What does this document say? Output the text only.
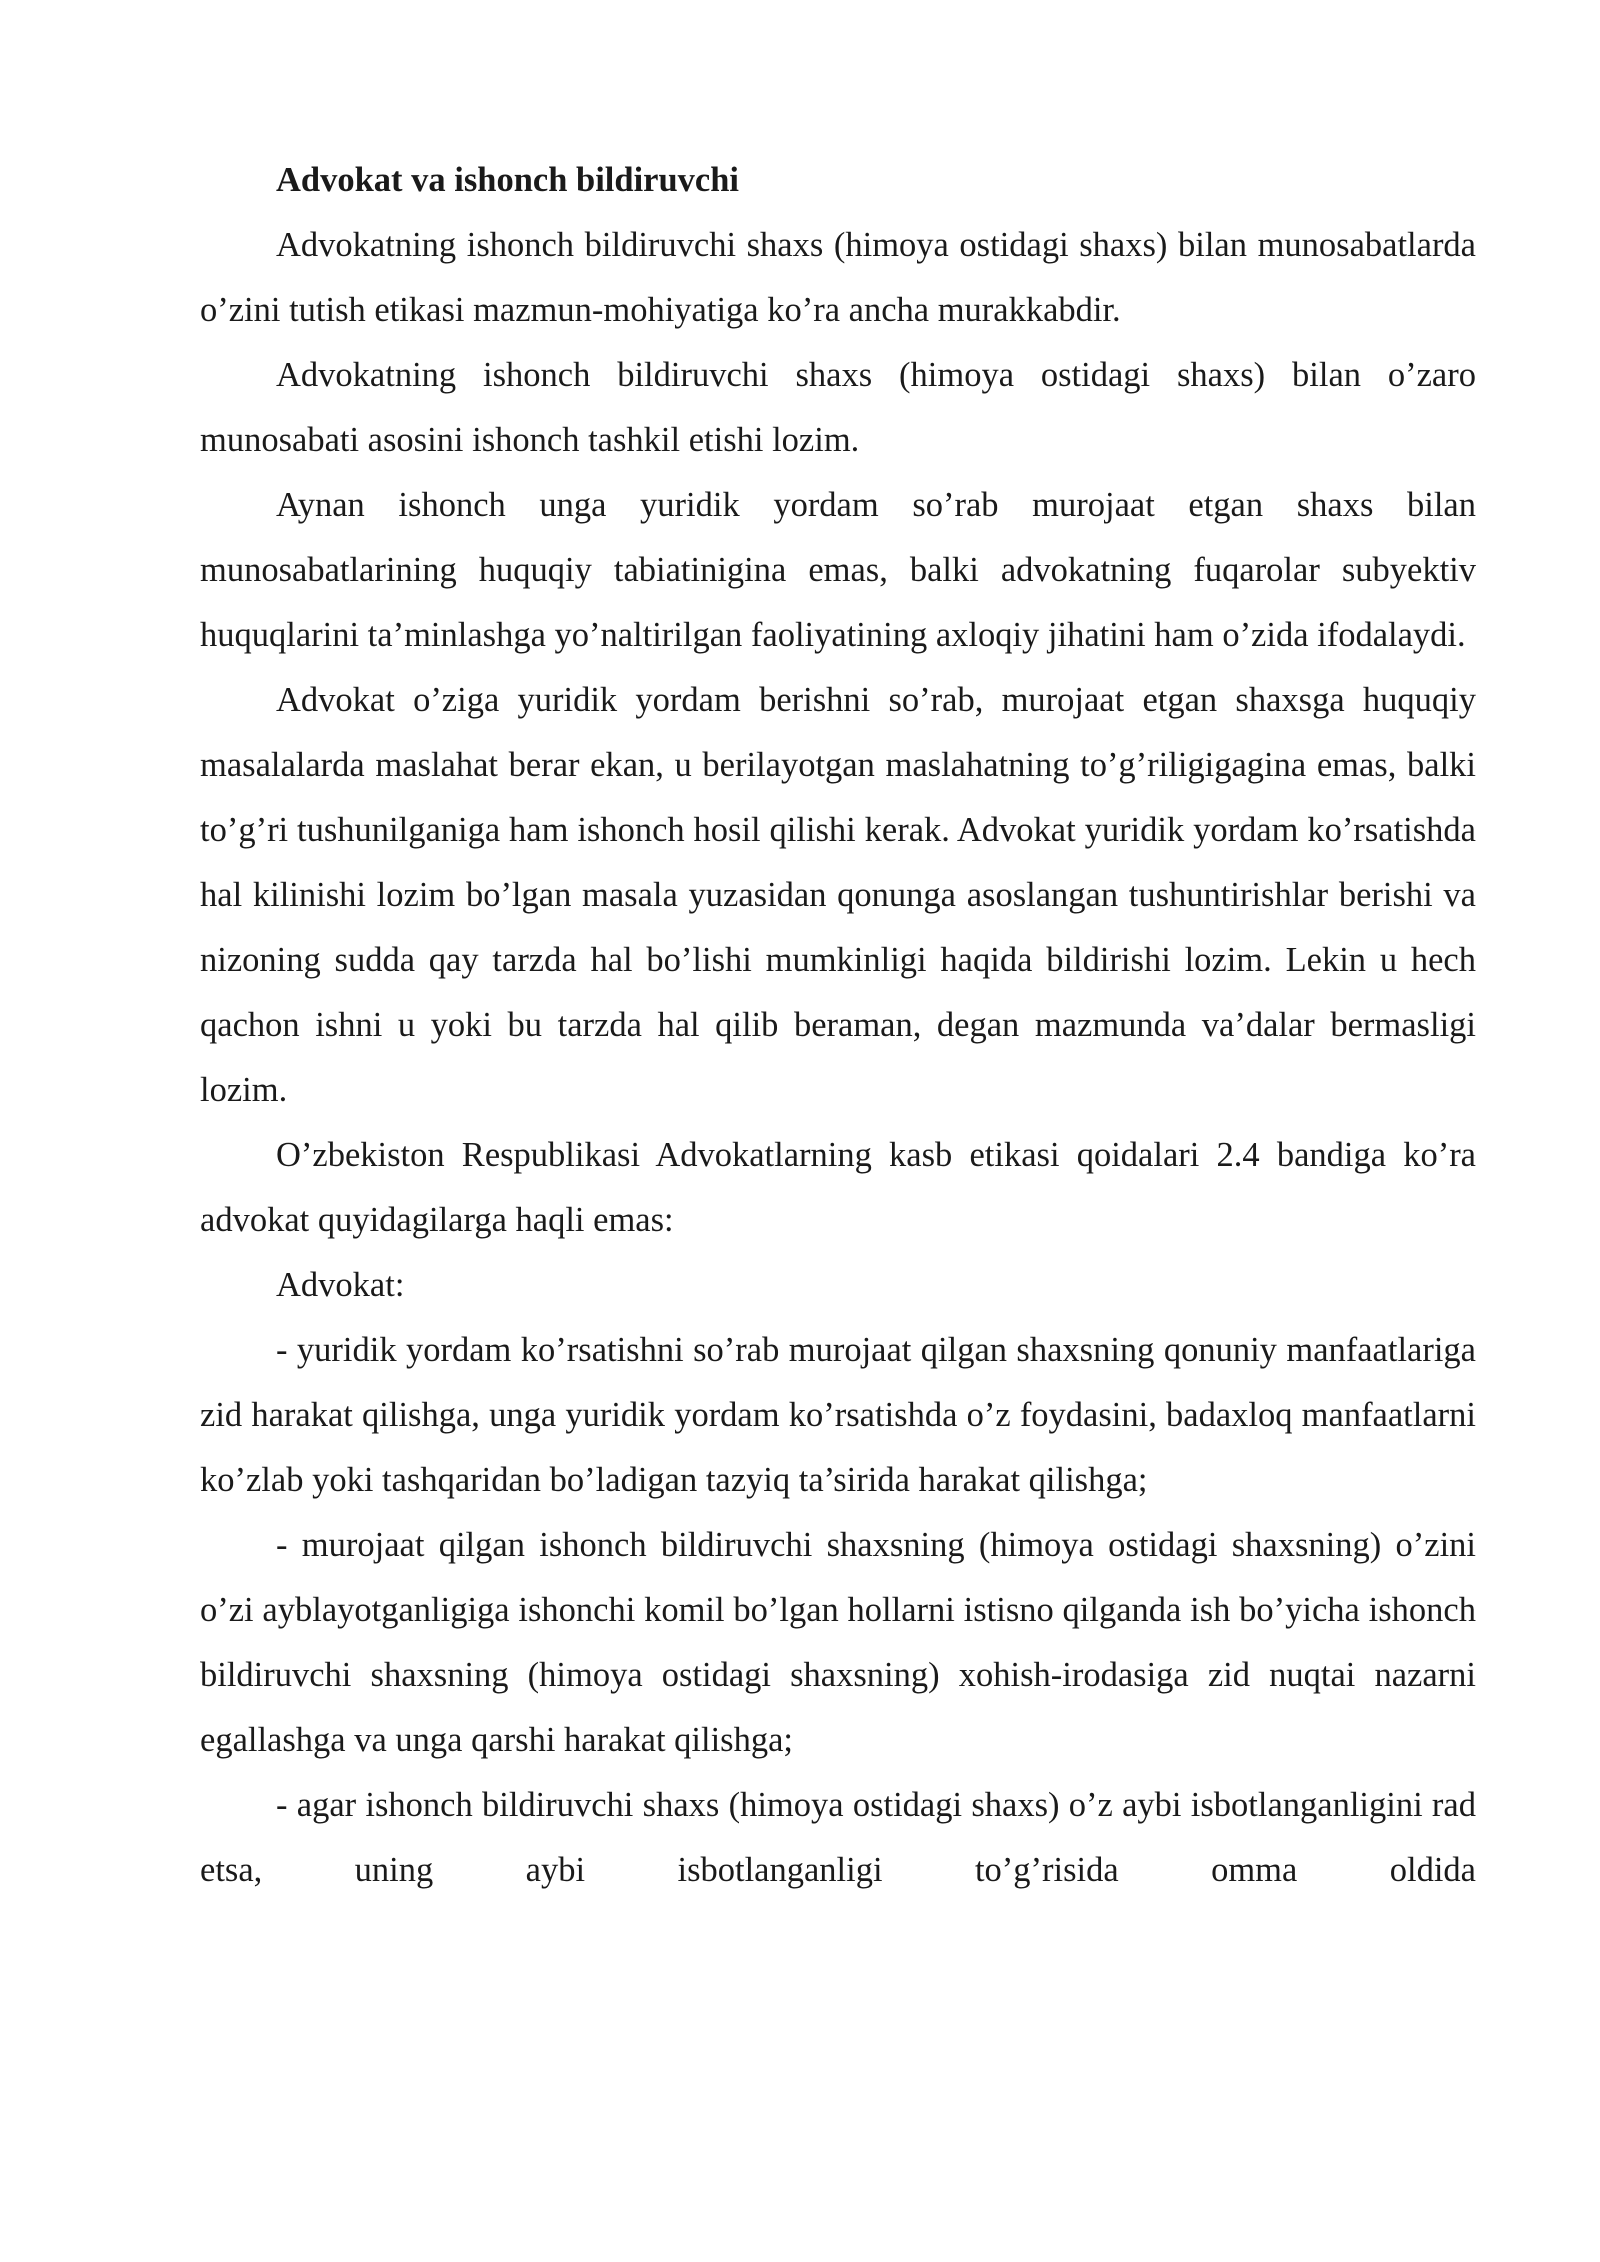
Advokat va ishonch bildiruvchi

Advokatning ishonch bildiruvchi shaxs (himoya ostidagi shaxs) bilan munosabatlarda o’zini tutish etikasi mazmun-mohiyatiga ko’ra ancha murakkabdir.

Advokatning ishonch bildiruvchi shaxs (himoya ostidagi shaxs) bilan o’zaro munosabati asosini ishonch tashkil etishi lozim.

Aynan ishonch unga yuridik yordam so’rab murojaat etgan shaxs bilan munosabatlarining huquqiy tabiatinigina emas, balki advokatning fuqarolar subyektiv huquqlarini ta’minlashga yo’naltirilgan faoliyatining axloqiy jihatini ham o’zida ifodalaydi.

Advokat o’ziga yuridik yordam berishni so’rab, murojaat etgan shaxsga huquqiy masalalarda maslahat berar ekan, u berilayotgan maslahatning to’g’riligigagina emas, balki to’g’ri tushunilganiga ham ishonch hosil qilishi kerak. Advokat yuridik yordam ko’rsatishda hal kilinishi lozim bo’lgan masala yuzasidan qonunga asoslangan tushuntirishlar berishi va nizoning sudda qay tarzda hal bo’lishi mumkinligi haqida bildirishi lozim. Lekin u hech qachon ishni u yoki bu tarzda hal qilib beraman, degan mazmunda va’dalar bermasligi lozim.

O’zbekiston Respublikasi Advokatlarning kasb etikasi qoidalari 2.4 bandiga ko’ra advokat quyidagilarga haqli emas:

Advokat:

- yuridik yordam ko’rsatishni so’rab murojaat qilgan shaxsning qonuniy manfaatlariga zid harakat qilishga, unga yuridik yordam ko’rsatishda o’z foydasini, badaxloq manfaatlarni ko’zlab yoki tashqaridan bo’ladigan tazyiq ta’sirida harakat qilishga;

- murojaat qilgan ishonch bildiruvchi shaxsning (himoya ostidagi shaxsning) o’zini o’zi ayblayotganligiga ishonchi komil bo’lgan hollarni istisno qilganda ish bo’yicha ishonch bildiruvchi shaxsning (himoya ostidagi shaxsning) xohish-irodasiga zid nuqtai nazarni egallashga va unga qarshi harakat qilishga;

- agar ishonch bildiruvchi shaxs (himoya ostidagi shaxs) o’z aybi isbotlanganligini rad etsa, uning aybi isbotlanganligi to’g’risida omma oldida
